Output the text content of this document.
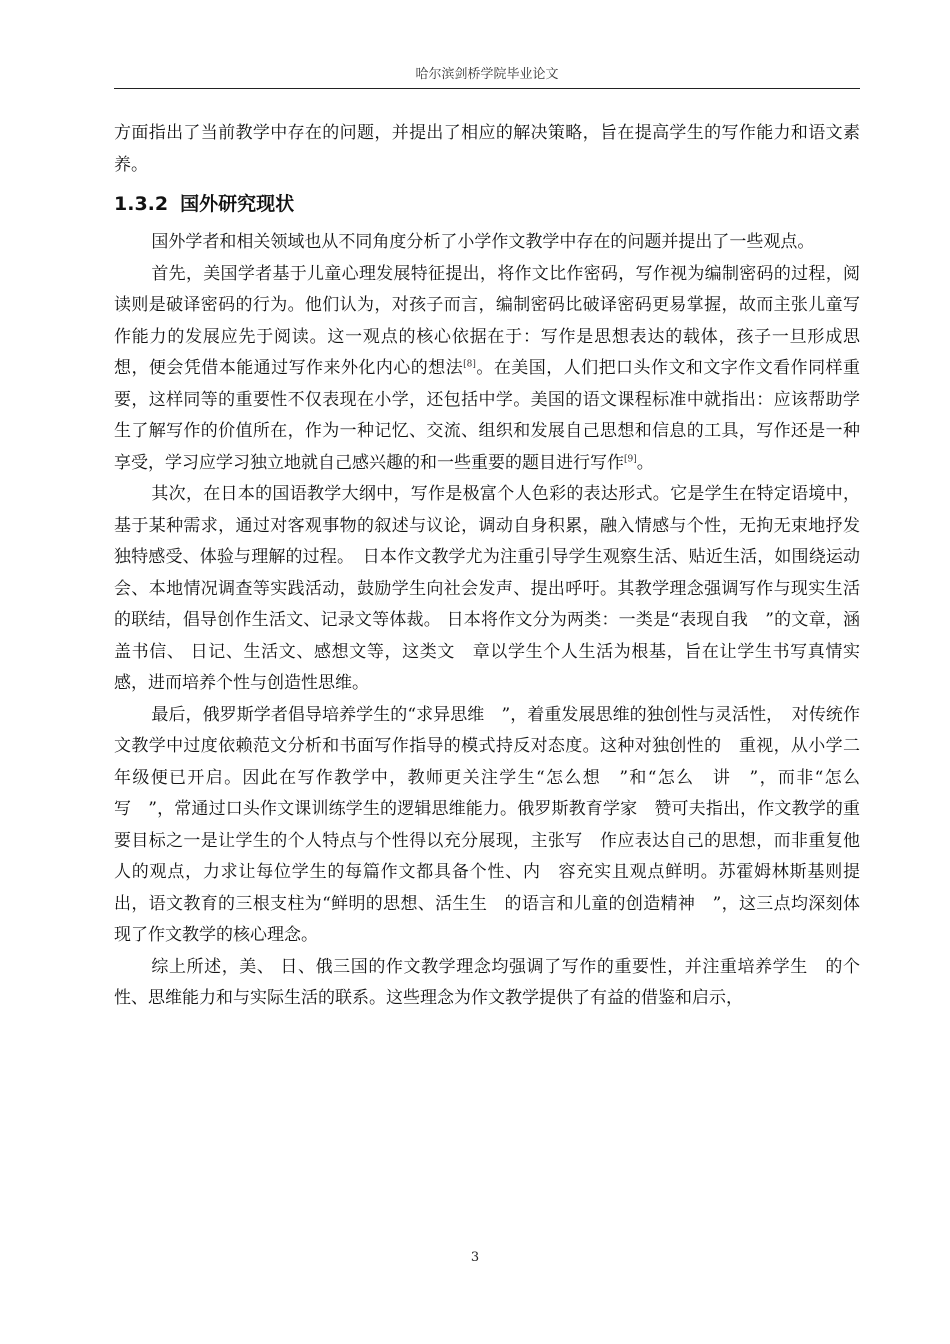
哈尔滨剑桥学院毕业论文

方面指出了当前教学中存在的问题，并提出了相应的解决策略，旨在提高学生的写作能力和语文素养。

1.3.2 国外研究现状

国外学者和相关领域也从不同角度分析了小学作文教学中存在的问题并提出了一些观点。

首先，美国学者基于儿童心理发展特征提出，将作文比作密码，写作视为编制密码的过程，阅读则是破译密码的行为。他们认为，对孩子而言，编制密码比破译密码更易掌握，故而主张儿童写作能力的发展应先于阅读。这一观点的核心依据在于：写作是思想表达的载体，孩子一旦形成思想，便会凭借本能通过写作来外化内心的想法[8]。在美国，人们把口头作文和文字作文看作同样重要，这样同等的重要性不仅表现在小学，还包括中学。美国的语文课程标准中就指出：应该帮助学生了解写作的价值所在，作为一种记忆、交流、组织和发展自己思想和信息的工具，写作还是一种享受，学习应学习独立地就自己感兴趣的和一些重要的题目进行写作[9]。

其次，在日本的国语教学大纲中，写作是极富个人色彩的表达形式。它是学生在特定语境中，基于某种需求，通过对客观事物的叙述与议论，调动自身积累，融入情感与个性，无拘无束地抒发独特感受、体验与理解的过程。　日本作文教学尤为注重引导学生观察生活、贴近生活，如围绕运动会、本地情况调查等实践活动，鼓励学生向社会发声、提出呼吁。其教学理念强调写作与现实生活的联结，倡导创作生活文、记录文等体裁。 日本将作文分为两类：一类是“表现自我　”的文章，涵盖书信、 日记、生活文、感想文等，这类文　章以学生个人生活为根基，旨在让学生书写真情实感，进而培养个性与创造性思维。

最后，俄罗斯学者倡导培养学生的“求异思维　”，着重发展思维的独创性与灵活性，　对传统作文教学中过度依赖范文分析和书面写作指导的模式持反对态度。这种对独创性的　重视，从小学二年级便已开启。因此在写作教学中，教师更关注学生“怎么想　”和“怎么　讲　”，而非“怎么写　”，常通过口头作文课训练学生的逻辑思维能力。俄罗斯教育学家　赞可夫指出，作文教学的重要目标之一是让学生的个人特点与个性得以充分展现，主张写　作应表达自己的思想，而非重复他人的观点，力求让每位学生的每篇作文都具备个性、内　容充实且观点鲜明。苏霍姆林斯基则提出，语文教育的三根支柱为“鲜明的思想、活生生　的语言和儿童的创造精神　”，这三点均深刻体现了作文教学的核心理念。

综上所述，美、 日、俄三国的作文教学理念均强调了写作的重要性，并注重培养学生　的个性、思维能力和与实际生活的联系。这些理念为作文教学提供了有益的借鉴和启示，

3
